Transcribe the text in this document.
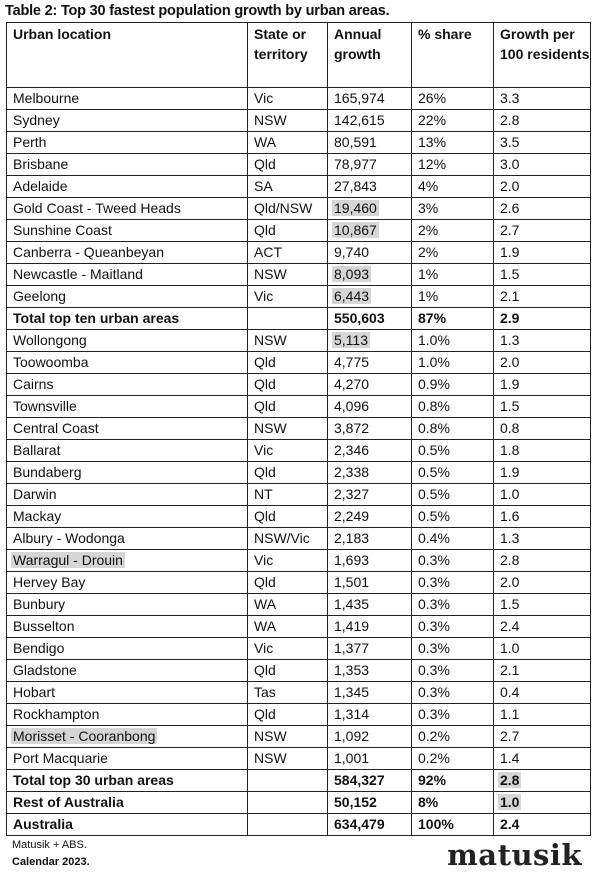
Table 2: Top 30 fastest population growth by urban areas.
Urban location	State or territory	Annual growth	% share	Growth per 100 residents
Melbourne	Vic	165,974	26%	3.3
Sydney	NSW	142,615	22%	2.8
Perth	WA	80,591	13%	3.5
Brisbane	Qld	78,977	12%	3.0
Adelaide	SA	27,843	4%	2.0
Gold Coast - Tweed Heads	Qld/NSW	19,460	3%	2.6
Sunshine Coast	Qld	10,867	2%	2.7
Canberra - Queanbeyan	ACT	9,740	2%	1.9
Newcastle - Maitland	NSW	8,093	1%	1.5
Geelong	Vic	6,443	1%	2.1
Total top ten urban areas		550,603	87%	2.9
Wollongong	NSW	5,113	1.0%	1.3
Toowoomba	Qld	4,775	1.0%	2.0
Cairns	Qld	4,270	0.9%	1.9
Townsville	Qld	4,096	0.8%	1.5
Central Coast	NSW	3,872	0.8%	0.8
Ballarat	Vic	2,346	0.5%	1.8
Bundaberg	Qld	2,338	0.5%	1.9
Darwin	NT	2,327	0.5%	1.0
Mackay	Qld	2,249	0.5%	1.6
Albury - Wodonga	NSW/Vic	2,183	0.4%	1.3
Warragul - Drouin	Vic	1,693	0.3%	2.8
Hervey Bay	Qld	1,501	0.3%	2.0
Bunbury	WA	1,435	0.3%	1.5
Busselton	WA	1,419	0.3%	2.4
Bendigo	Vic	1,377	0.3%	1.0
Gladstone	Qld	1,353	0.3%	2.1
Hobart	Tas	1,345	0.3%	0.4
Rockhampton	Qld	1,314	0.3%	1.1
Morisset - Cooranbong	NSW	1,092	0.2%	2.7
Port Macquarie	NSW	1,001	0.2%	1.4
Total top 30 urban areas		584,327	92%	2.8
Rest of Australia		50,152	8%	1.0
Australia		634,479	100%	2.4
Matusik + ABS.
Calendar 2023.	matusik
